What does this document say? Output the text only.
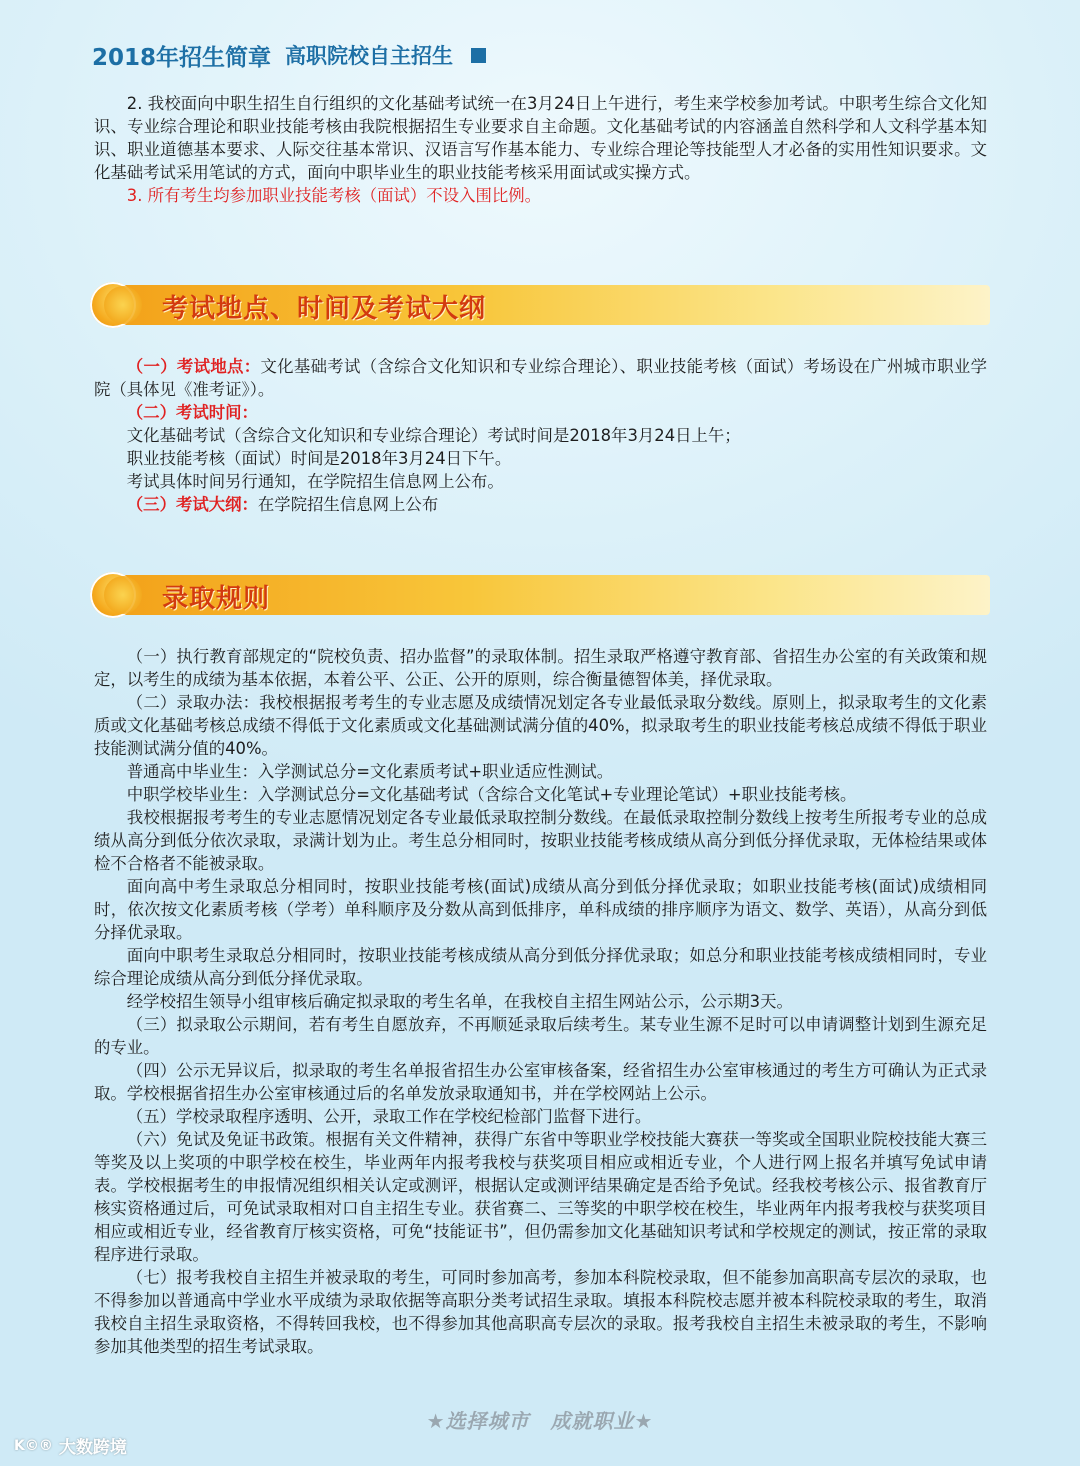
2018年招生简章 高职院校自主招生

2. 我校面向中职生招生自行组织的文化基础考试统一在3月24日上午进行，考生来学校参加考试。中职考生综合文化知识、专业综合理论和职业技能考核由我院根据招生专业要求自主命题。文化基础考试的内容涵盖自然科学和人文科学基本知识、职业道德基本要求、人际交往基本常识、汉语言写作基本能力、专业综合理论等技能型人才必备的实用性知识要求。文化基础考试采用笔试的方式，面向中职毕业生的职业技能考核采用面试或实操方式。

3. 所有考生均参加职业技能考核（面试）不设入围比例。

考试地点、时间及考试大纲

（一）考试地点：文化基础考试（含综合文化知识和专业综合理论）、职业技能考核（面试）考场设在广州城市职业学院（具体见《准考证》）。

（二）考试时间：

文化基础考试（含综合文化知识和专业综合理论）考试时间是2018年3月24日上午；

职业技能考核（面试）时间是2018年3月24日下午。

考试具体时间另行通知，在学院招生信息网上公布。

（三）考试大纲：在学院招生信息网上公布

录取规则

（一）执行教育部规定的“院校负责、招办监督”的录取体制。招生录取严格遵守教育部、省招生办公室的有关政策和规定，以考生的成绩为基本依据，本着公平、公正、公开的原则，综合衡量德智体美，择优录取。

（二）录取办法：我校根据报考考生的专业志愿及成绩情况划定各专业最低录取分数线。原则上，拟录取考生的文化素质或文化基础考核总成绩不得低于文化素质或文化基础测试满分值的40%，拟录取考生的职业技能考核总成绩不得低于职业技能测试满分值的40%。

普通高中毕业生：入学测试总分=文化素质考试+职业适应性测试。

中职学校毕业生：入学测试总分=文化基础考试（含综合文化笔试+专业理论笔试）+职业技能考核。

我校根据报考考生的专业志愿情况划定各专业最低录取控制分数线。在最低录取控制分数线上按考生所报考专业的总成绩从高分到低分依次录取，录满计划为止。考生总分相同时，按职业技能考核成绩从高分到低分择优录取，无体检结果或体检不合格者不能被录取。

面向高中考生录取总分相同时，按职业技能考核(面试)成绩从高分到低分择优录取；如职业技能考核(面试)成绩相同时，依次按文化素质考核（学考）单科顺序及分数从高到低排序，单科成绩的排序顺序为语文、数学、英语），从高分到低分择优录取。

面向中职考生录取总分相同时，按职业技能考核成绩从高分到低分择优录取；如总分和职业技能考核成绩相同时，专业综合理论成绩从高分到低分择优录取。

经学校招生领导小组审核后确定拟录取的考生名单，在我校自主招生网站公示，公示期3天。

（三）拟录取公示期间，若有考生自愿放弃，不再顺延录取后续考生。某专业生源不足时可以申请调整计划到生源充足的专业。

（四）公示无异议后，拟录取的考生名单报省招生办公室审核备案，经省招生办公室审核通过的考生方可确认为正式录取。学校根据省招生办公室审核通过后的名单发放录取通知书，并在学校网站上公示。

（五）学校录取程序透明、公开，录取工作在学校纪检部门监督下进行。

（六）免试及免证书政策。根据有关文件精神，获得广东省中等职业学校技能大赛获一等奖或全国职业院校技能大赛三等奖及以上奖项的中职学校在校生，毕业两年内报考我校与获奖项目相应或相近专业，个人进行网上报名并填写免试申请表。学校根据考生的申报情况组织相关认定或测评，根据认定或测评结果确定是否给予免试。经我校考核公示、报省教育厅核实资格通过后，可免试录取相对口自主招生专业。获省赛二、三等奖的中职学校在校生，毕业两年内报考我校与获奖项目相应或相近专业，经省教育厅核实资格，可免“技能证书”，但仍需参加文化基础知识考试和学校规定的测试，按正常的录取程序进行录取。

（七）报考我校自主招生并被录取的考生，可同时参加高考，参加本科院校录取，但不能参加高职高专层次的录取，也不得参加以普通高中学业水平成绩为录取依据等高职分类考试招生录取。填报本科院校志愿并被本科院校录取的考生，取消我校自主招生录取资格，不得转回我校，也不得参加其他高职高专层次的录取。报考我校自主招生未被录取的考生，不影响参加其他类型的招生考试录取。

★选择城市　成就职业★
K©® 大数跨境
